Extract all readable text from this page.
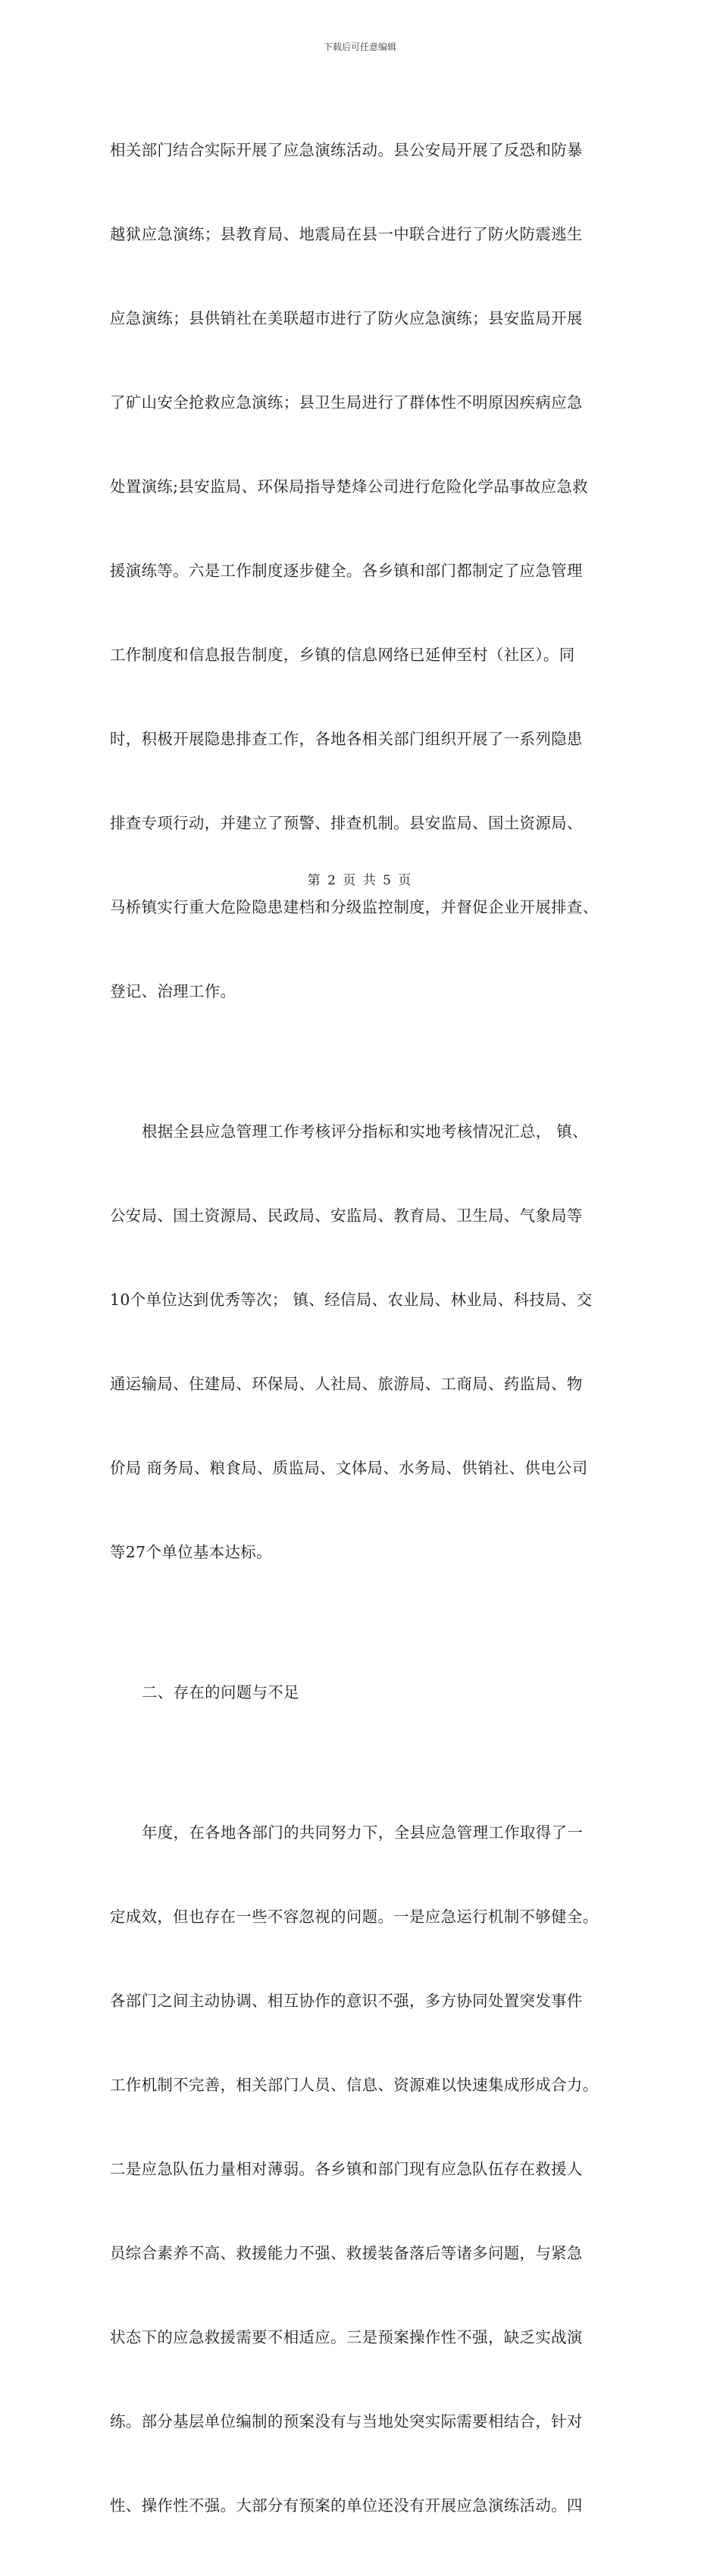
下载后可任意编辑

相关部门结合实际开展了应急演练活动。县公安局开展了反恐和防暴

越狱应急演练；县教育局、地震局在县一中联合进行了防火防震逃生

应急演练；县供销社在美联超市进行了防火应急演练；县安监局开展

了矿山安全抢救应急演练；县卫生局进行了群体性不明原因疾病应急

处置演练;县安监局、环保局指导楚烽公司进行危险化学品事故应急救

援演练等。六是工作制度逐步健全。各乡镇和部门都制定了应急管理

工作制度和信息报告制度，乡镇的信息网络已延伸至村（社区）。同

时，积极开展隐患排查工作，各地各相关部门组织开展了一系列隐患

排查专项行动，并建立了预警、排查机制。县安监局、国土资源局、

马桥镇实行重大危险隐患建档和分级监控制度，并督促企业开展排查、

登记、治理工作。

根据全县应急管理工作考核评分指标和实地考核情况汇总， 镇、

公安局、国土资源局、民政局、安监局、教育局、卫生局、气象局等

10个单位达到优秀等次； 镇、经信局、农业局、林业局、科技局、交

通运输局、住建局、环保局、人社局、旅游局、工商局、药监局、物

价局 商务局、粮食局、质监局、文体局、水务局、供销社、供电公司

等27个单位基本达标。

二、存在的问题与不足

年度，在各地各部门的共同努力下，全县应急管理工作取得了一

定成效，但也存在一些不容忽视的问题。一是应急运行机制不够健全。

各部门之间主动协调、相互协作的意识不强，多方协同处置突发事件

工作机制不完善，相关部门人员、信息、资源难以快速集成形成合力。

二是应急队伍力量相对薄弱。各乡镇和部门现有应急队伍存在救援人

员综合素养不高、救援能力不强、救援装备落后等诸多问题，与紧急

状态下的应急救援需要不相适应。三是预案操作性不强，缺乏实战演

练。部分基层单位编制的预案没有与当地处突实际需要相结合，针对

性、操作性不强。大部分有预案的单位还没有开展应急演练活动。四

第 2 页 共 5 页
